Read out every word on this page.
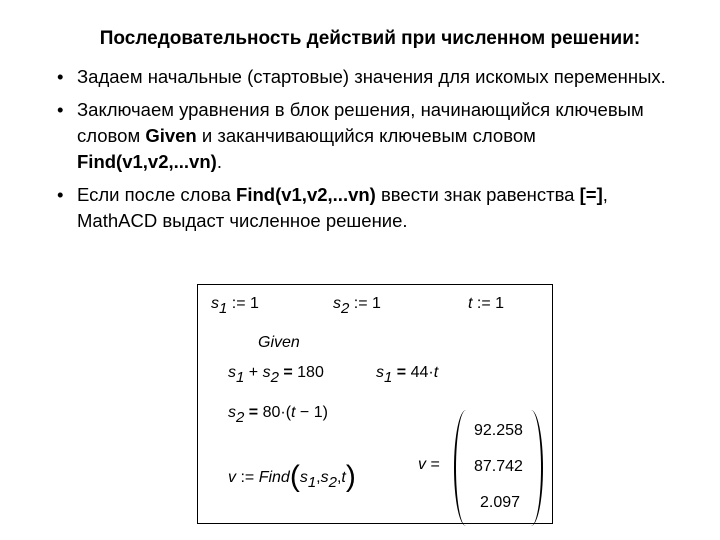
Последовательность действий при численном решении:
• Задаем начальные (стартовые) значения для искомых переменных.
• Заключаем уравнения в блок решения, начинающийся ключевым словом Given и заканчивающийся ключевым словом Find(v1,v2,...vn).
• Если после слова Find(v1,v2,...vn) ввести знак равенства [=], MathACD выдаст численное решение.
s1 := 1	s2 := 1	t := 1
Given
s1 + s2 = 180	s1 = 44·t
s2 = 80·(t − 1)
v := Find(s1,s2,t)	v =
92.258
87.742
2.097
